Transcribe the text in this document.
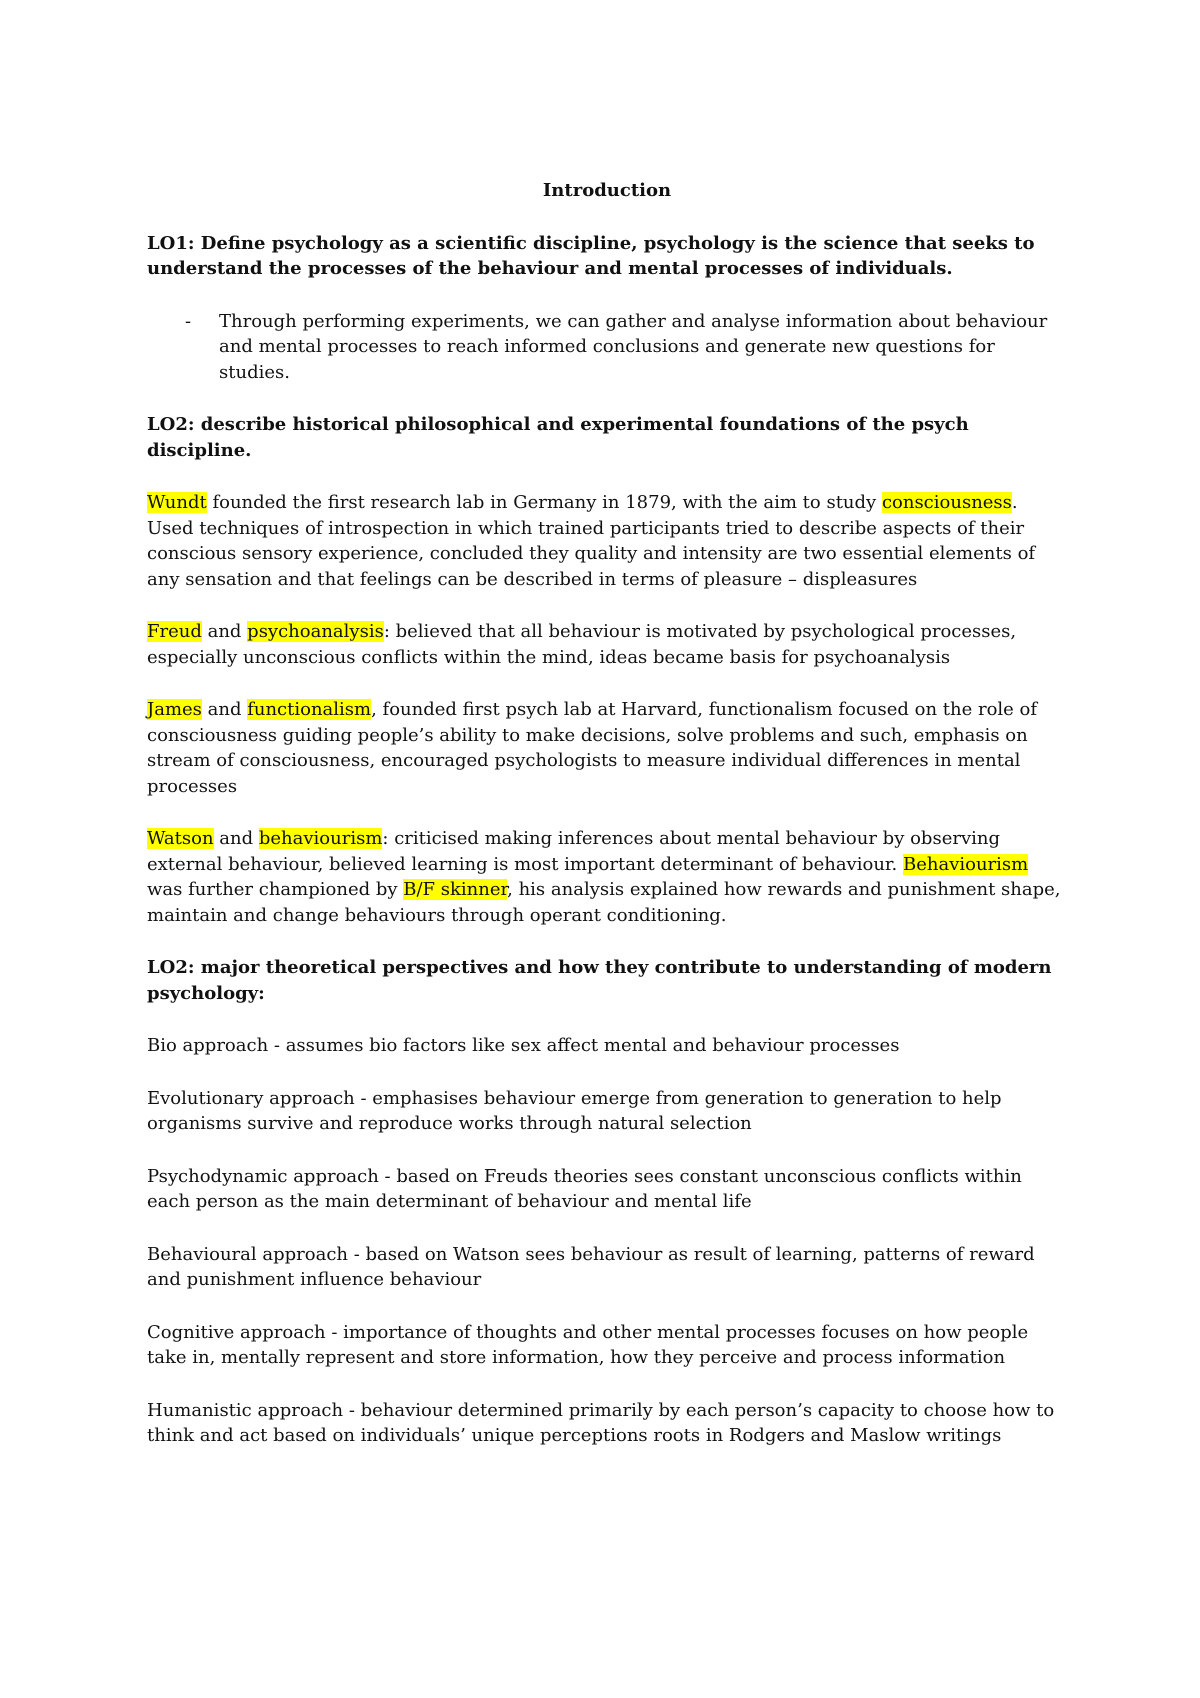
Introduction
LO1: Define psychology as a scientific discipline, psychology is the science that seeks to understand the processes of the behaviour and mental processes of individuals.
-	Through performing experiments, we can gather and analyse information about behaviour and mental processes to reach informed conclusions and generate new questions for studies.
LO2: describe historical philosophical and experimental foundations of the psych discipline.

Wundt founded the first research lab in Germany in 1879, with the aim to study consciousness. Used techniques of introspection in which trained participants tried to describe aspects of their conscious sensory experience, concluded they quality and intensity are two essential elements of any sensation and that feelings can be described in terms of pleasure – displeasures

Freud and psychoanalysis: believed that all behaviour is motivated by psychological processes, especially unconscious conflicts within the mind, ideas became basis for psychoanalysis

James and functionalism, founded first psych lab at Harvard, functionalism focused on the role of consciousness guiding people’s ability to make decisions, solve problems and such, emphasis on stream of consciousness, encouraged psychologists to measure individual differences in mental processes

Watson and behaviourism: criticised making inferences about mental behaviour by observing external behaviour, believed learning is most important determinant of behaviour. Behaviourism was further championed by B/F skinner, his analysis explained how rewards and punishment shape, maintain and change behaviours through operant conditioning.

LO2: major theoretical perspectives and how they contribute to understanding of modern psychology:

Bio approach - assumes bio factors like sex affect mental and behaviour processes

Evolutionary approach - emphasises behaviour emerge from generation to generation to help organisms survive and reproduce works through natural selection

Psychodynamic approach - based on Freuds theories sees constant unconscious conflicts within each person as the main determinant of behaviour and mental life

Behavioural approach - based on Watson sees behaviour as result of learning, patterns of reward and punishment influence behaviour

Cognitive approach - importance of thoughts and other mental processes focuses on how people take in, mentally represent and store information, how they perceive and process information

Humanistic approach - behaviour determined primarily by each person’s capacity to choose how to think and act based on individuals’ unique perceptions roots in Rodgers and Maslow writings
